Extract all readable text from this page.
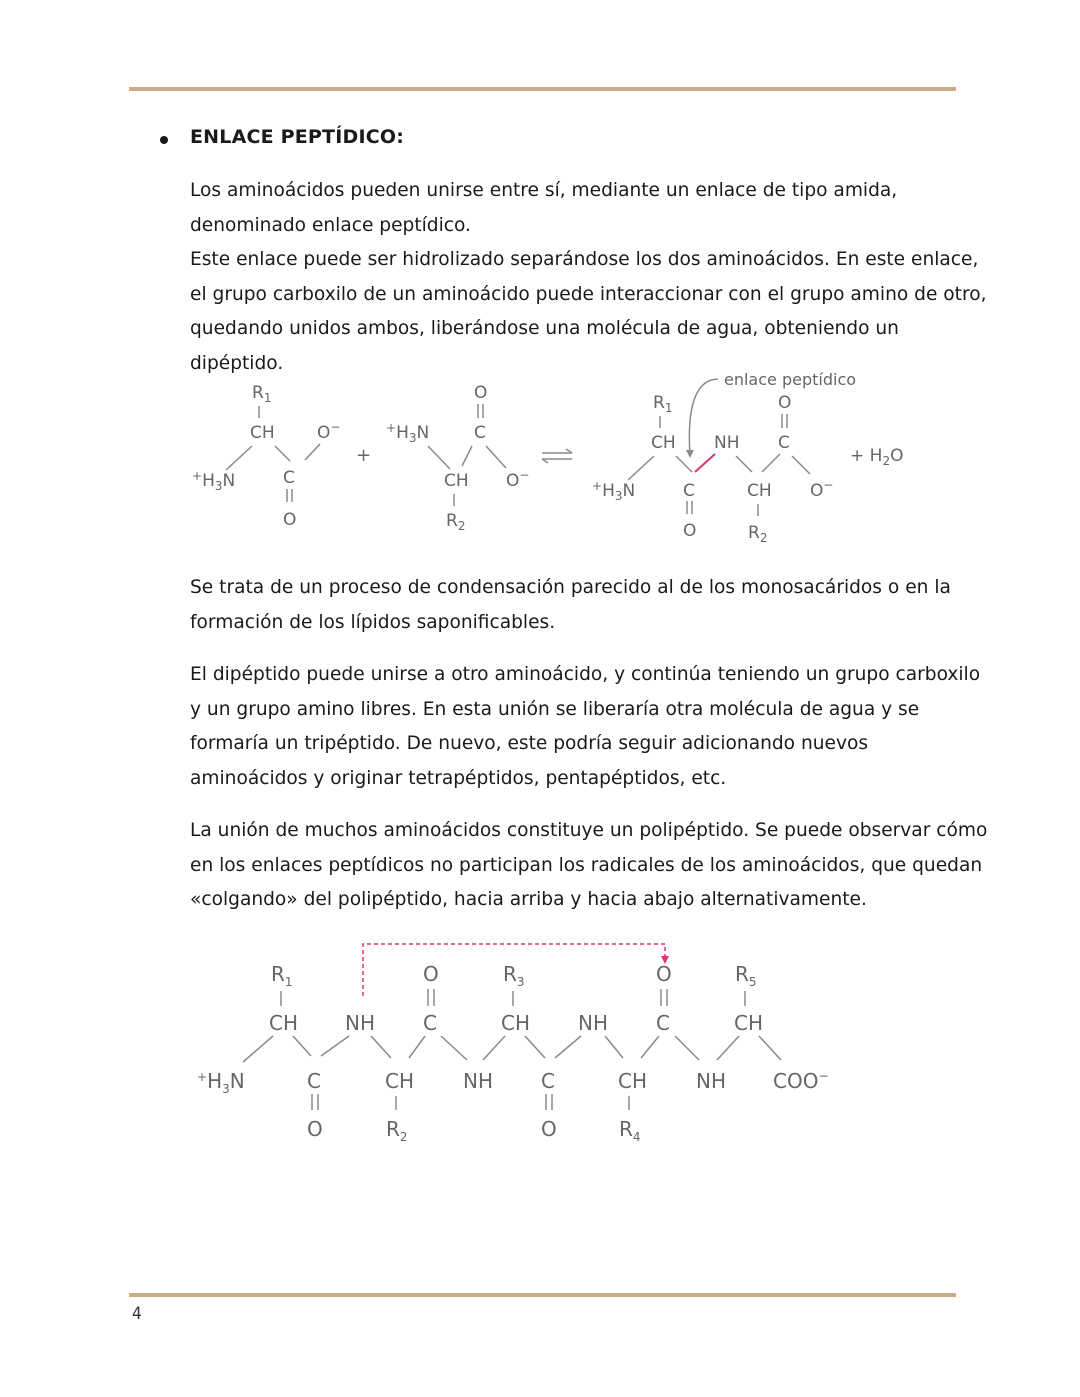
ENLACE PEPTÍDICO:

Los aminoácidos pueden unirse entre sí, mediante un enlace de tipo amida, denominado enlace peptídico.

Este enlace puede ser hidrolizado separándose los dos aminoácidos. En este enlace, el grupo carboxilo de un aminoácido puede interaccionar con el grupo amino de otro, quedando unidos ambos, liberándose una molécula de agua, obteniendo un dipéptido.

$R_1$
CH
$^+H_3N$	C
O−
O
+
$^+H_3N$
O
C
CH O−
$R_2$
enlace peptídico
$R_1$
CH
$^+H_3N$	C
NH
O
CH
O
C
O−
$R_2$
+ $H_2O$
Se trata de un proceso de condensación parecido al de los monosacáridos o en la formación de los lípidos saponificables.
El dipéptido puede unirse a otro aminoácido, y continúa teniendo un grupo carboxilo y un grupo amino libres. En esta unión se liberaría otra molécula de agua y se formaría un tripéptido. De nuevo, este podría seguir adicionando nuevos aminoácidos y originar tetrapéptidos, pentapéptidos, etc.
La unión de muchos aminoácidos constituye un polipéptido. Se puede observar cómo en los enlaces peptídicos no participan los radicales de los aminoácidos, que quedan «colgando» del polipéptido, hacia arriba y hacia abajo alternativamente.
$R_1$	O	$R_3$	O	$R_5$
CH NH C	CH NH C	CH
$^+H_3N$	C	CH NH C	CH NH COO−
O	$R_2$	O	$R_4$
4
